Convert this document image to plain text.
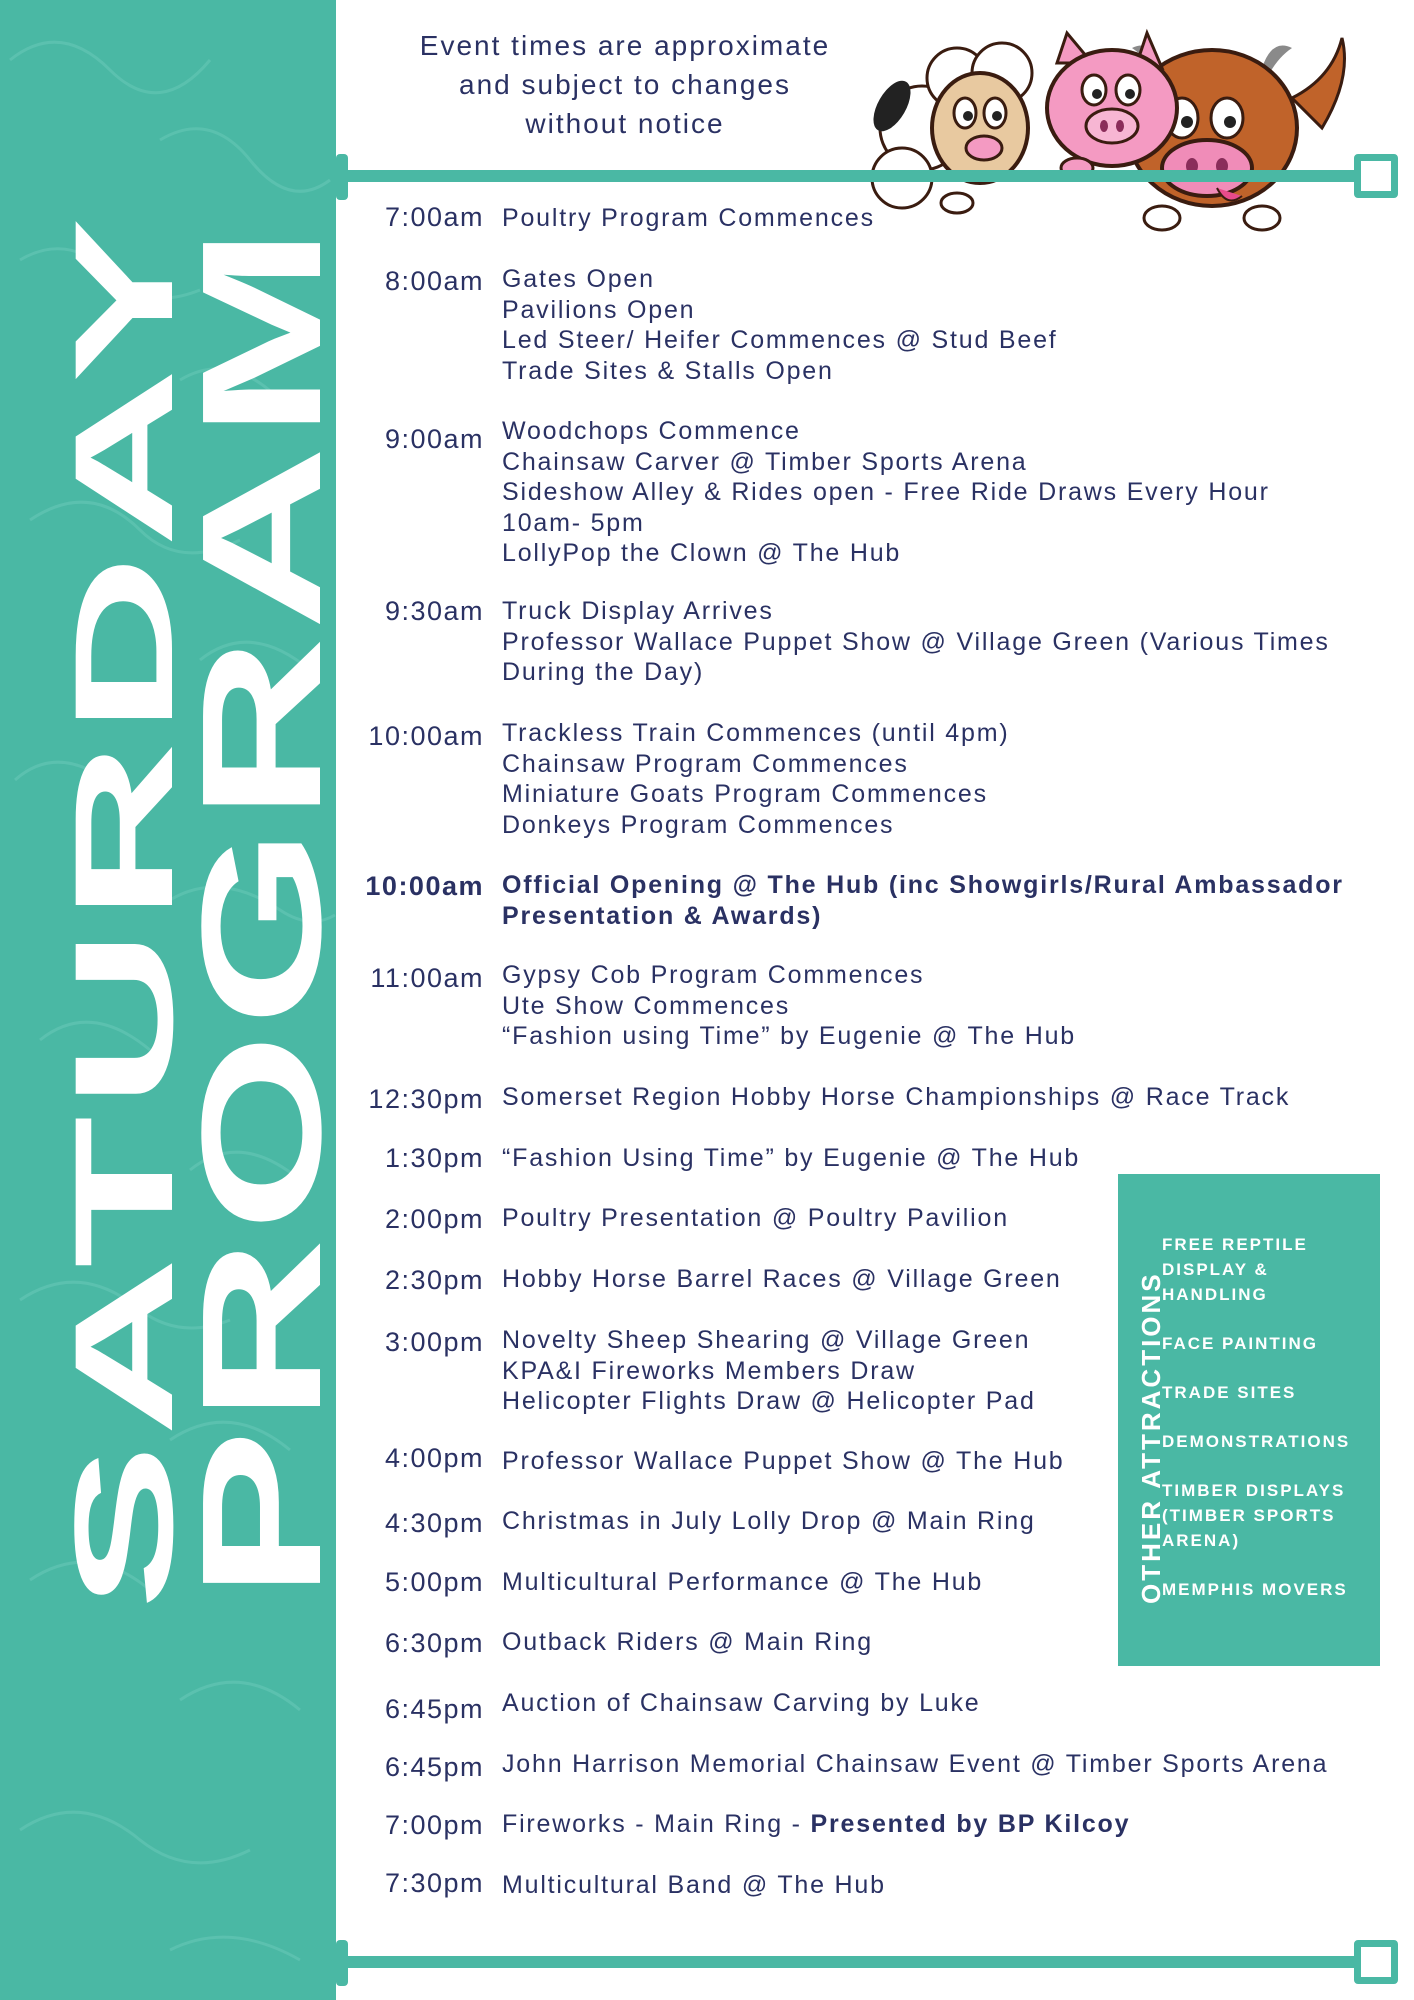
SATURDAY
PROGRAM
Event times are approximate
and subject to changes
without notice
7:00am Poultry Program Commences
8:00am Gates Open
Pavilions Open
Led Steer/ Heifer Commences @ Stud Beef
Trade Sites & Stalls Open
9:00am Woodchops Commence
Chainsaw Carver @ Timber Sports Arena
Sideshow Alley & Rides open - Free Ride Draws Every Hour
10am- 5pm
LollyPop the Clown @ The Hub
9:30am Truck Display Arrives
Professor Wallace Puppet Show @ Village Green (Various Times
During the Day)
10:00am Trackless Train Commences (until 4pm)
Chainsaw Program Commences
Miniature Goats Program Commences
Donkeys Program Commences
10:00am Official Opening @ The Hub (inc Showgirls/Rural Ambassador
Presentation & Awards)
11:00am Gypsy Cob Program Commences
Ute Show Commences
“Fashion using Time” by Eugenie @ The Hub
12:30pm Somerset Region Hobby Horse Championships @ Race Track
1:30pm “Fashion Using Time” by Eugenie @ The Hub
2:00pm Poultry Presentation @ Poultry Pavilion
2:30pm Hobby Horse Barrel Races @ Village Green
3:00pm Novelty Sheep Shearing @ Village Green
KPA&I Fireworks Members Draw
Helicopter Flights Draw @ Helicopter Pad
4:00pm Professor Wallace Puppet Show @ The Hub
4:30pm Christmas in July Lolly Drop @ Main Ring
5:00pm Multicultural Performance @ The Hub
6:30pm Outback Riders @ Main Ring
6:45pm Auction of Chainsaw Carving by Luke
6:45pm John Harrison Memorial Chainsaw Event @ Timber Sports Arena
7:00pm Fireworks - Main Ring - Presented by BP Kilcoy
7:30pm Multicultural Band @ The Hub
OTHER ATTRACTIONS
FREE REPTILE DISPLAY & HANDLING
FACE PAINTING
TRADE SITES
DEMONSTRATIONS
TIMBER DISPLAYS (TIMBER SPORTS ARENA)
MEMPHIS MOVERS
